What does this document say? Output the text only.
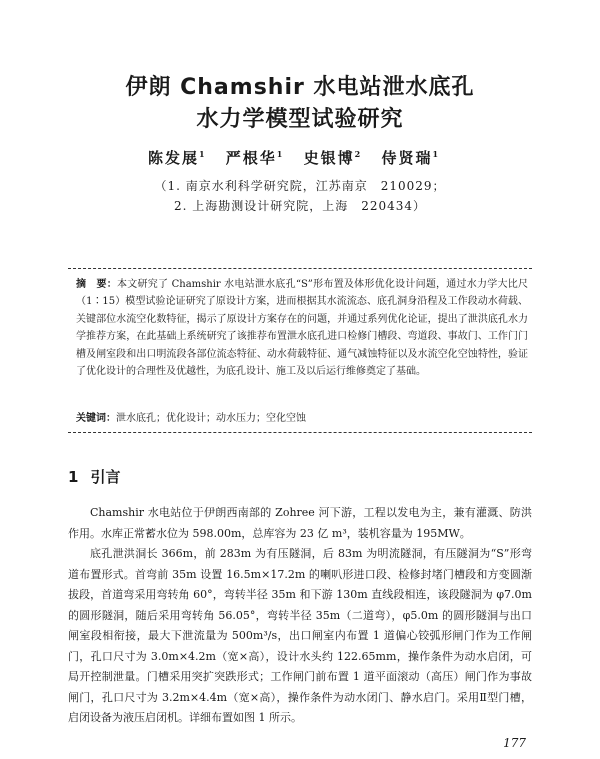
伊朗 Chamshir 水电站泄水底孔
水力学模型试验研究

陈发展$^1$ 严根华$^1$ 史银博$^2$ 侍贤瑞$^1$

（1. 南京水利科学研究院，江苏南京　210029；

2. 上海勘测设计研究院，上海　220434）

摘　要：本文研究了 Chamshir 水电站泄水底孔“S”形布置及体形优化设计问题，通过水力学大比尺（1∶15）模型试验论证研究了原设计方案，进而根据其水流流态、底孔洞身沿程及工作段动水荷载、关键部位水流空化数特征，揭示了原设计方案存在的问题，并通过系列优化论证，提出了泄洪底孔水力学推荐方案，在此基础上系统研究了该推荐布置泄水底孔进口检修门槽段、弯道段、事故门、工作门门槽及闸室段和出口明流段各部位流态特征、动水荷载特征、通气减蚀特征以及水流空化空蚀特性，验证了优化设计的合理性及优越性，为底孔设计、施工及以后运行维修奠定了基础。

关键词：泄水底孔；优化设计；动水压力；空化空蚀

1 引言

Chamshir 水电站位于伊朗西南部的 Zohree 河下游，工程以发电为主，兼有灌溉、防洪作用。水库正常蓄水位为 598.00m，总库容为 23 亿 m³，装机容量为 195MW。

底孔泄洪洞长 366m，前 283m 为有压隧洞，后 83m 为明流隧洞，有压隧洞为“S”形弯道布置形式。首弯前 35m 设置 16.5m×17.2m 的喇叭形进口段、检修封堵门槽段和方变圆渐拔段，首道弯采用弯转角 60°，弯转半径 35m 和下游 130m 直线段相连，该段隧洞为 φ7.0m 的圆形隧洞，随后采用弯转角 56.05°，弯转半径 35m（二道弯），φ5.0m 的圆形隧洞与出口闸室段相衔接，最大下泄流量为 500m³/s，出口闸室内布置 1 道偏心铰弧形闸门作为工作闸门，孔口尺寸为 3.0m×4.2m（宽×高），设计水头约 122.65mm，操作条件为动水启闭，可局开控制泄量。门槽采用突扩突跌形式；工作闸门前布置 1 道平面滚动（高压）闸门作为事故闸门，孔口尺寸为 3.2m×4.4m（宽×高），操作条件为动水闭门、静水启门。采用Ⅱ型门槽，启闭设备为液压启闭机。详细布置如图 1 所示。

177
